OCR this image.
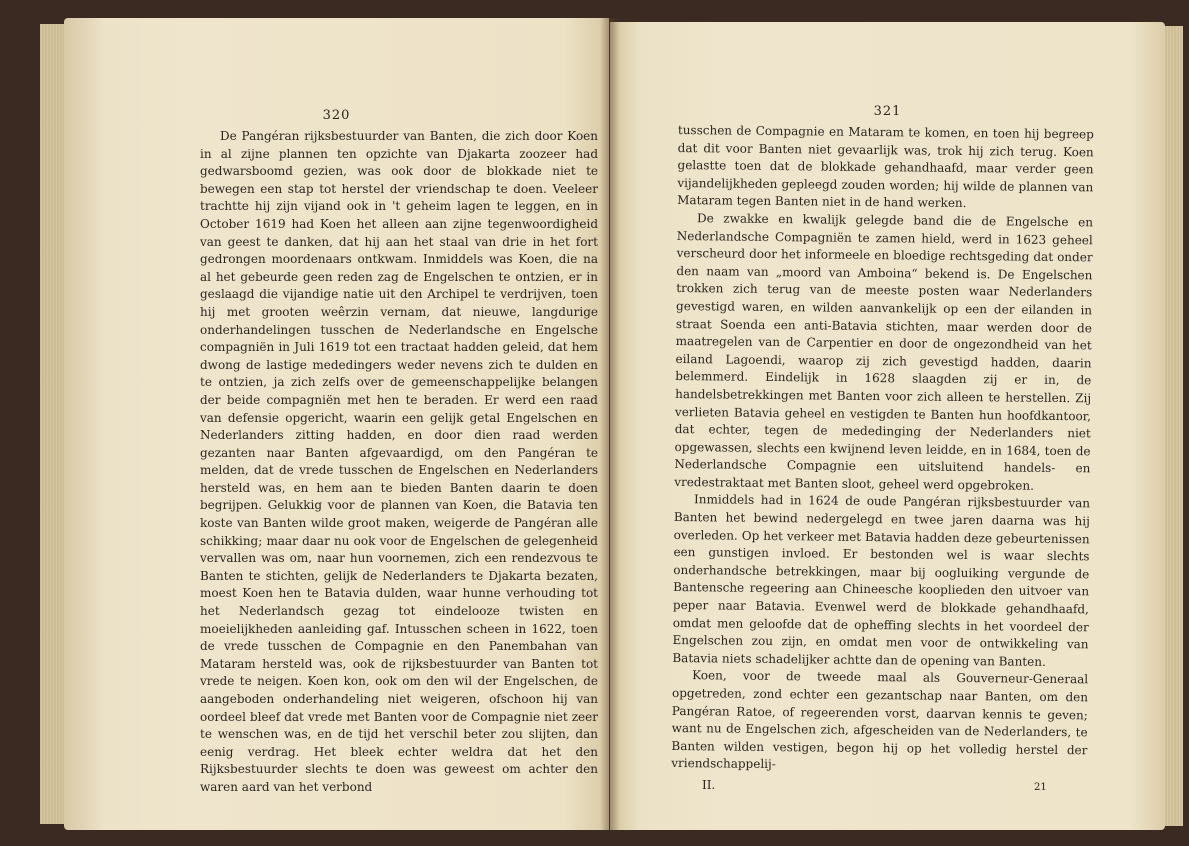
320

De Pangéran rijksbestuurder van Banten, die zich door Koen in al zijne plannen ten opzichte van Djakarta zoozeer had gedwarsboomd gezien, was ook door de blokkade niet te bewegen een stap tot herstel der vriendschap te doen. Veeleer trachtte hij zijn vijand ook in 't geheim lagen te leggen, en in October 1619 had Koen het alleen aan zijne tegenwoordigheid van geest te danken, dat hij aan het staal van drie in het fort gedrongen moordenaars ontkwam. Inmiddels was Koen, die na al het gebeurde geen reden zag de Engelschen te ontzien, er in geslaagd die vijandige natie uit den Archipel te verdrijven, toen hij met grooten weêrzin vernam, dat nieuwe, langdurige onderhandelingen tusschen de Nederlandsche en Engelsche compagniën in Juli 1619 tot een tractaat hadden geleid, dat hem dwong de lastige mededingers weder nevens zich te dulden en te ontzien, ja zich zelfs over de gemeenschappelijke belangen der beide compagniën met hen te beraden. Er werd een raad van defensie opgericht, waarin een gelijk getal Engelschen en Nederlanders zitting hadden, en door dien raad werden gezanten naar Banten afgevaardigd, om den Pangéran te melden, dat de vrede tusschen de Engelschen en Nederlanders hersteld was, en hem aan te bieden Banten daarin te doen begrijpen. Gelukkig voor de plannen van Koen, die Batavia ten koste van Banten wilde groot maken, weigerde de Pangéran alle schikking; maar daar nu ook voor de Engelschen de gelegenheid vervallen was om, naar hun voornemen, zich een rendezvous te Banten te stichten, gelijk de Nederlanders te Djakarta bezaten, moest Koen hen te Batavia dulden, waar hunne verhouding tot het Nederlandsch gezag tot eindelooze twisten en moeielijkheden aanleiding gaf. Intusschen scheen in 1622, toen de vrede tusschen de Compagnie en den Panembahan van Mataram hersteld was, ook de rijksbestuurder van Banten tot vrede te neigen. Koen kon, ook om den wil der Engelschen, de aangeboden onderhandeling niet weigeren, ofschoon hij van oordeel bleef dat vrede met Banten voor de Compagnie niet zeer te wenschen was, en de tijd het verschil beter zou slijten, dan eenig verdrag. Het bleek echter weldra dat het den Rijksbestuurder slechts te doen was geweest om achter den waren aard van het verbond

321

tusschen de Compagnie en Mataram te komen, en toen hij begreep dat dit voor Banten niet gevaarlijk was, trok hij zich terug. Koen gelastte toen dat de blokkade gehandhaafd, maar verder geen vijandelijkheden gepleegd zouden worden; hij wilde de plannen van Mataram tegen Banten niet in de hand werken.

De zwakke en kwalijk gelegde band die de Engelsche en Nederlandsche Compagniën te zamen hield, werd in 1623 geheel verscheurd door het informeele en bloedige rechtsgeding dat onder den naam van „moord van Amboina“ bekend is. De Engelschen trokken zich terug van de meeste posten waar Nederlanders gevestigd waren, en wilden aanvankelijk op een der eilanden in straat Soenda een anti-Batavia stichten, maar werden door de maatregelen van de Carpentier en door de ongezondheid van het eiland Lagoendi, waarop zij zich gevestigd hadden, daarin belemmerd. Eindelijk in 1628 slaagden zij er in, de handelsbetrekkingen met Banten voor zich alleen te herstellen. Zij verlieten Batavia geheel en vestigden te Banten hun hoofdkantoor, dat echter, tegen de mededinging der Nederlanders niet opgewassen, slechts een kwijnend leven leidde, en in 1684, toen de Nederlandsche Compagnie een uitsluitend handels- en vredestraktaat met Banten sloot, geheel werd opgebroken.

Inmiddels had in 1624 de oude Pangéran rijksbestuurder van Banten het bewind nedergelegd en twee jaren daarna was hij overleden. Op het verkeer met Batavia hadden deze gebeurtenissen een gunstigen invloed. Er bestonden wel is waar slechts onderhandsche betrekkingen, maar bij oogluiking vergunde de Bantensche regeering aan Chineesche kooplieden den uitvoer van peper naar Batavia. Evenwel werd de blokkade gehandhaafd, omdat men geloofde dat de opheffing slechts in het voordeel der Engelschen zou zijn, en omdat men voor de ontwikkeling van Batavia niets schadelijker achtte dan de opening van Banten.

Koen, voor de tweede maal als Gouverneur-Generaal opgetreden, zond echter een gezantschap naar Banten, om den Pangéran Ratoe, of regeerenden vorst, daarvan kennis te geven; want nu de Engelschen zich, afgescheiden van de Nederlanders, te Banten wilden vestigen, begon hij op het volledig herstel der vriendschappelij-

II.	21
